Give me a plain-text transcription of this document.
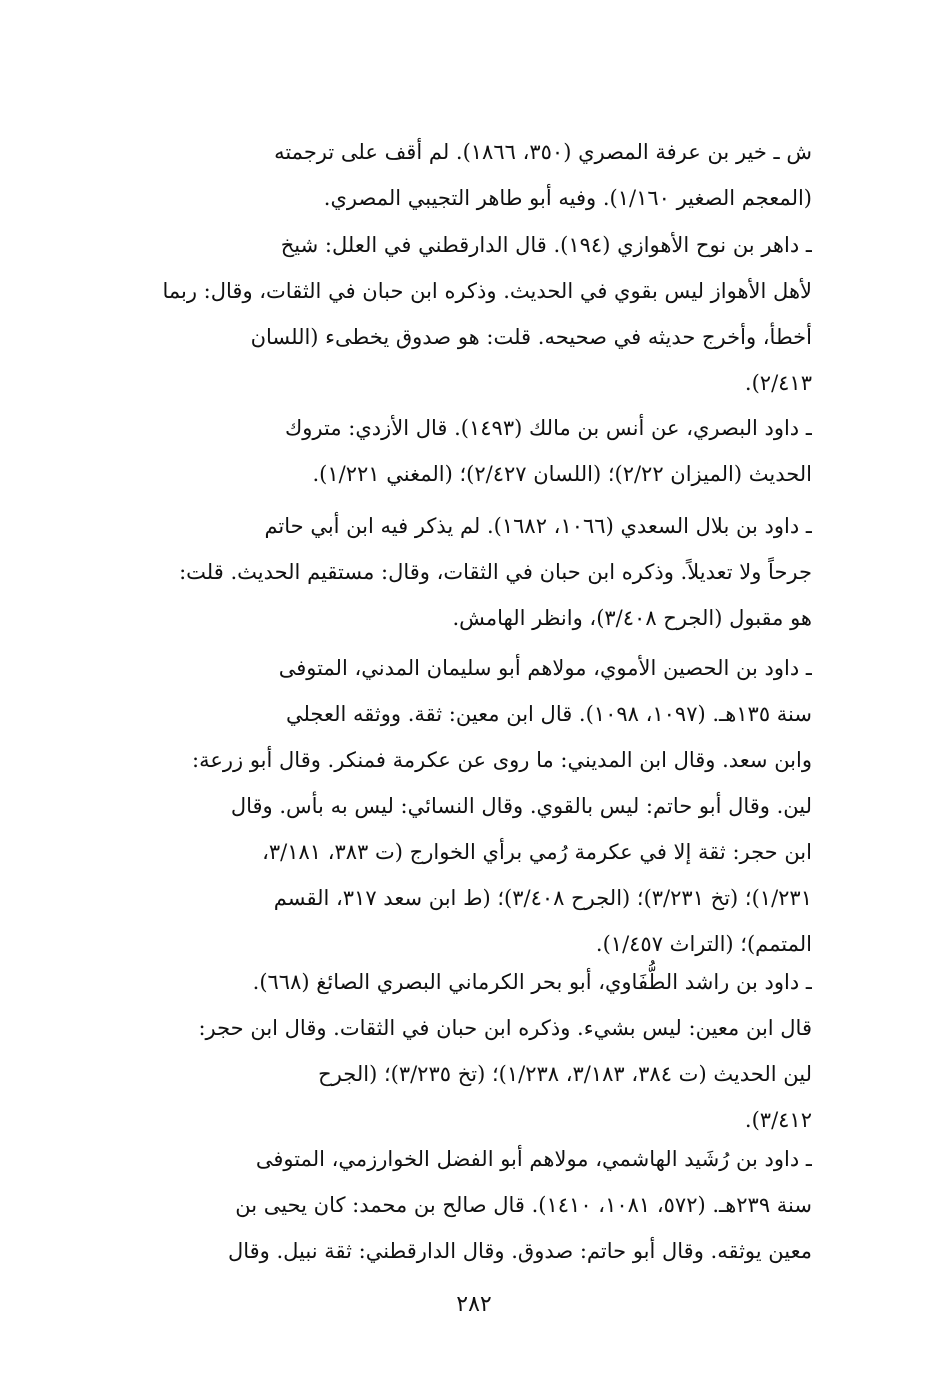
ش ـ خير بن عرفة المصري (٣٥٠، ١٨٦٦). لم أقف على ترجمته
(المعجم الصغير ١/١٦٠). وفيه أبو طاهر التجيبي المصري.
ـ داهر بن نوح الأهوازي (١٩٤). قال الدارقطني في العلل: شيخ
لأهل الأهواز ليس بقوي في الحديث. وذكره ابن حبان في الثقات، وقال: ربما
أخطأ، وأخرج حديثه في صحيحه. قلت: هو صدوق يخطىء (اللسان
٢/٤١٣).
ـ داود البصري، عن أنس بن مالك (١٤٩٣). قال الأزدي: متروك
الحديث (الميزان ٢/٢٢)؛ (اللسان ٢/٤٢٧)؛ (المغني ١/٢٢١).
ـ داود بن بلال السعدي (١٠٦٦، ١٦٨٢). لم يذكر فيه ابن أبي حاتم
جرحاً ولا تعديلاً. وذكره ابن حبان في الثقات، وقال: مستقيم الحديث. قلت:
هو مقبول (الجرح ٣/٤٠٨)، وانظر الهامش.
ـ داود بن الحصين الأموي، مولاهم أبو سليمان المدني، المتوفى
سنة ١٣٥هـ. (١٠٩٧، ١٠٩٨). قال ابن معين: ثقة. ووثقه العجلي
وابن سعد. وقال ابن المديني: ما روى عن عكرمة فمنكر. وقال أبو زرعة:
لين. وقال أبو حاتم: ليس بالقوي. وقال النسائي: ليس به بأس. وقال
ابن حجر: ثقة إلا في عكرمة رُمي برأي الخوارج (ت ٣٨٣، ٣/١٨١،
١/٢٣١)؛ (تخ ٣/٢٣١)؛ (الجرح ٣/٤٠٨)؛ (ط ابن سعد ٣١٧، القسم
المتمم)؛ (التراث ١/٤٥٧).
ـ داود بن راشد الطُّفَاوي، أبو بحر الكرماني البصري الصائغ (٦٦٨).
قال ابن معين: ليس بشيء. وذكره ابن حبان في الثقات. وقال ابن حجر:
لين الحديث (ت ٣٨٤، ٣/١٨٣، ١/٢٣٨)؛ (تخ ٣/٢٣٥)؛ (الجرح
٣/٤١٢).
ـ داود بن رُشَيد الهاشمي، مولاهم أبو الفضل الخوارزمي، المتوفى
سنة ٢٣٩هـ. (٥٧٢، ١٠٨١، ١٤١٠). قال صالح بن محمد: كان يحيى بن
معين يوثقه. وقال أبو حاتم: صدوق. وقال الدارقطني: ثقة نبيل. وقال
٢٨٢
